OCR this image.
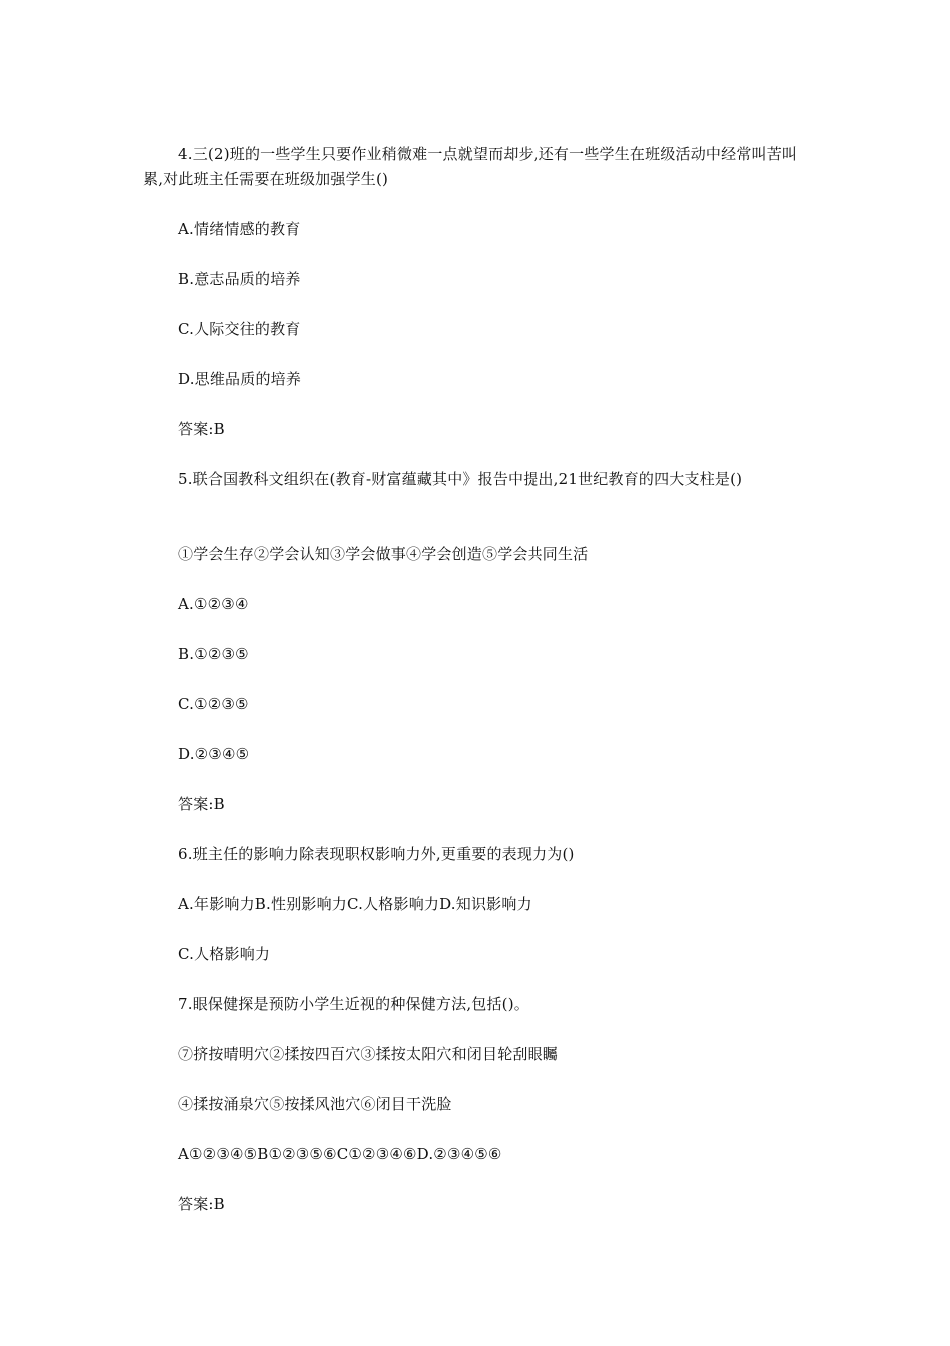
4.三(2)班的一些学生只要作业稍微难一点就望而却步,还有一些学生在班级活动中经常叫苦叫累,对此班主任需要在班级加强学生()
A.情绪情感的教育
B.意志品质的培养
C.人际交往的教育
D.思维品质的培养
答案:B
5.联合国教科文组织在(教育-财富蕴藏其中》报告中提出,21世纪教育的四大支柱是()
①学会生存②学会认知③学会做事④学会创造⑤学会共同生活
A.①②③④
B.①②③⑤
C.①②③⑤
D.②③④⑤
答案:B
6.班主任的影响力除表现职权影响力外,更重要的表现力为()
A.年影响力B.性别影响力C.人格影响力D.知识影响力
C.人格影响力
7.眼保健探是预防小学生近视的种保健方法,包括()。
⑦挤按晴明穴②揉按四百穴③揉按太阳穴和闭目轮刮眼矚
④揉按涌泉穴⑤按揉风池穴⑥闭目干洗脸
A①②③④⑤B①②③⑤⑥C①②③④⑥D.②③④⑤⑥
答案:B
